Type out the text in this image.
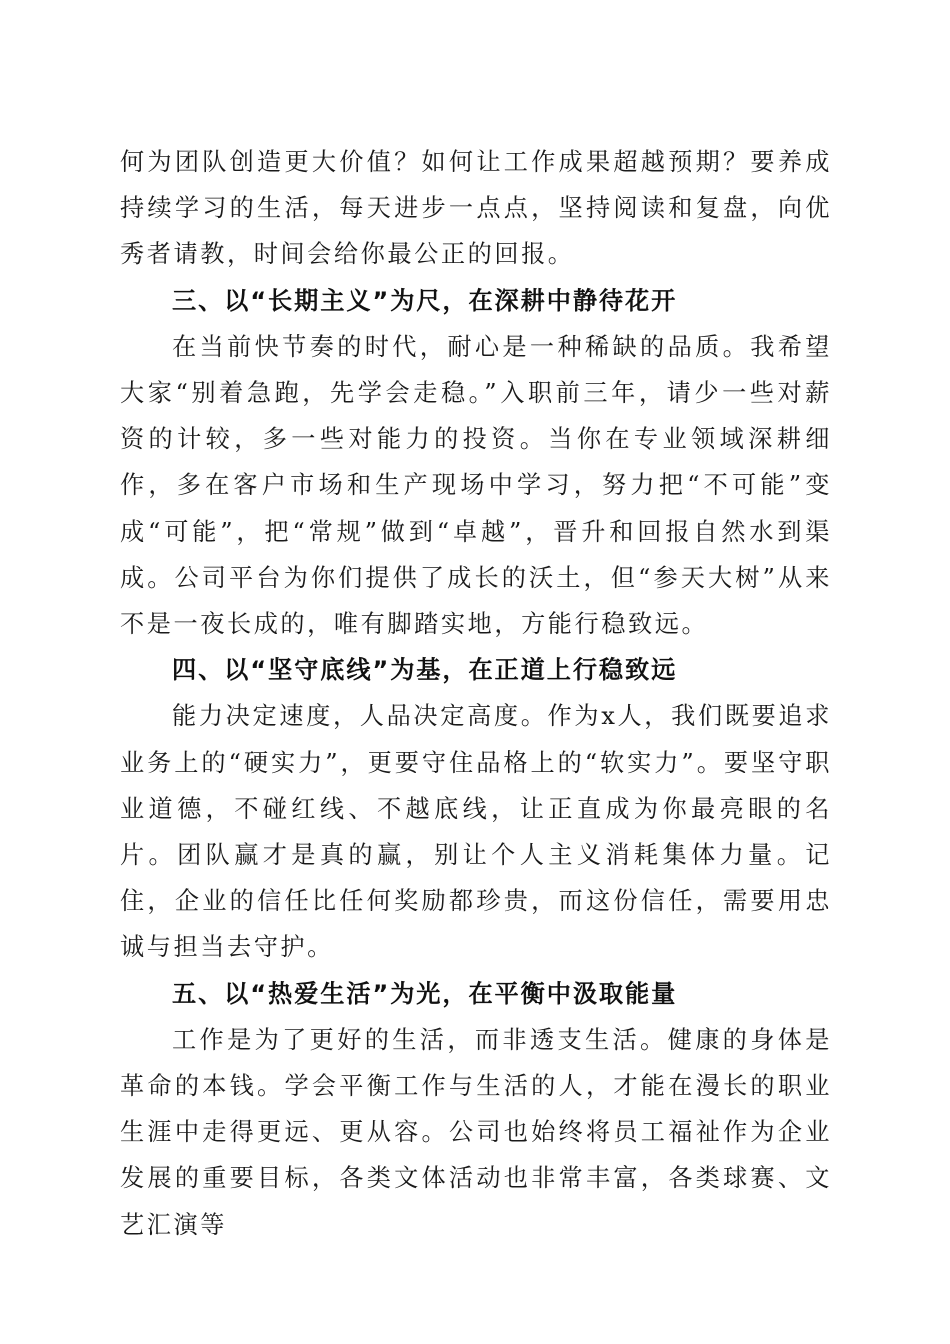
何为团队创造更大价值？如何让工作成果超越预期？要养成持续学习的生活，每天进步一点点，坚持阅读和复盘，向优秀者请教，时间会给你最公正的回报。

三、以“长期主义”为尺，在深耕中静待花开

在当前快节奏的时代，耐心是一种稀缺的品质。我希望大家“别着急跑，先学会走稳。”入职前三年，请少一些对薪资的计较，多一些对能力的投资。当你在专业领域深耕细作，多在客户市场和生产现场中学习，努力把“不可能”变成“可能”，把“常规”做到“卓越”，晋升和回报自然水到渠成。公司平台为你们提供了成长的沃土，但“参天大树”从来不是一夜长成的，唯有脚踏实地，方能行稳致远。

四、以“坚守底线”为基，在正道上行稳致远

能力决定速度，人品决定高度。作为x人，我们既要追求业务上的“硬实力”，更要守住品格上的“软实力”。要坚守职业道德，不碰红线、不越底线，让正直成为你最亮眼的名片。团队赢才是真的赢，别让个人主义消耗集体力量。记住，企业的信任比任何奖励都珍贵，而这份信任，需要用忠诚与担当去守护。

五、以“热爱生活”为光，在平衡中汲取能量

工作是为了更好的生活，而非透支生活。健康的身体是革命的本钱。学会平衡工作与生活的人，才能在漫长的职业生涯中走得更远、更从容。公司也始终将员工福祉作为企业发展的重要目标，各类文体活动也非常丰富，各类球赛、文艺汇演等
